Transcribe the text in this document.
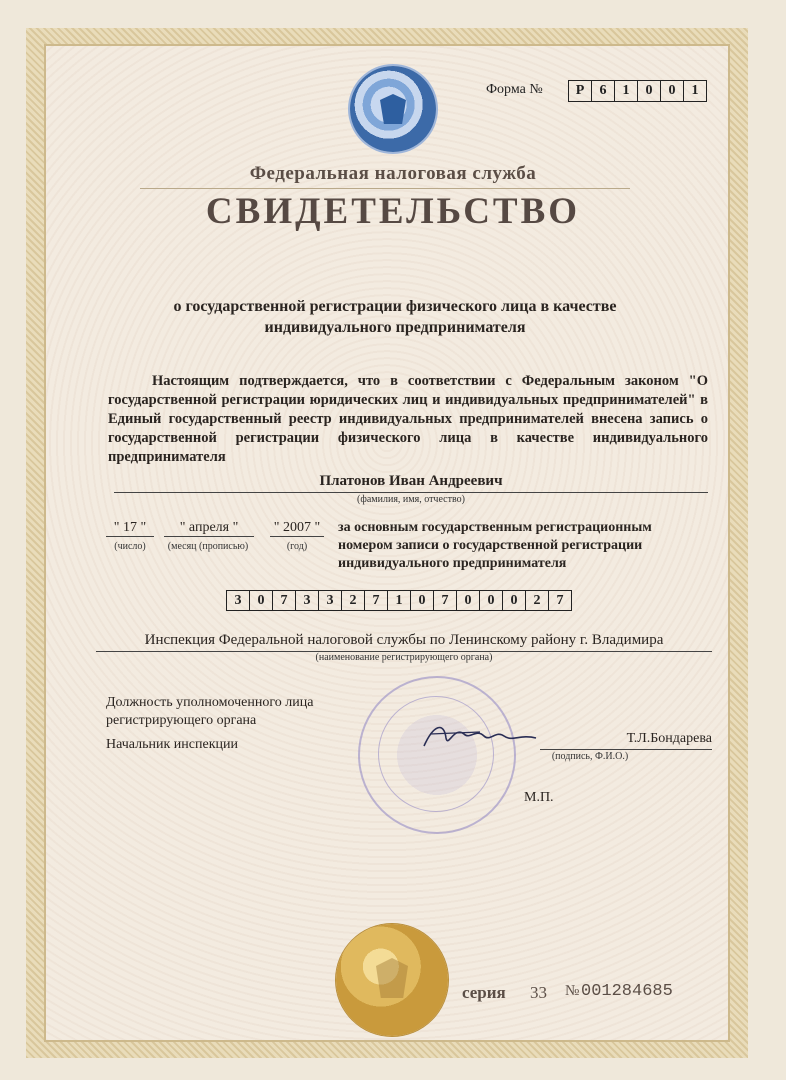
Форма №	Р	6	1	0	0	1
Федеральная налоговая служба
СВИДЕТЕЛЬСТВО
о государственной регистрации физического лица в качестве индивидуального предпринимателя
Настоящим подтверждается, что в соответствии с Федеральным законом "О государственной регистрации юридических лиц и индивидуальных предпринимателей" в Единый государственный реестр индивидуальных предпринимателей внесена запись о государственной регистрации физического лица в качестве индивидуального предпринимателя
Платонов Иван Андреевич
(фамилия, имя, отчество)
" 17 "
(число)
" апреля "
(месяц (прописью)
" 2007 "
(год)
за основным государственным регистрационным номером записи о государственной регистрации индивидуального предпринимателя
3	0	7	3	3	2	7	1	0	7	0	0	0	2	7
Инспекция Федеральной налоговой службы по Ленинскому району г. Владимира
(наименование регистрирующего органа)
Должность уполномоченного лица регистрирующего органа
Начальник инспекции	Т.Л.Бондарева
(подпись, Ф.И.О.)
М.П.
серия 33 № 001284685
